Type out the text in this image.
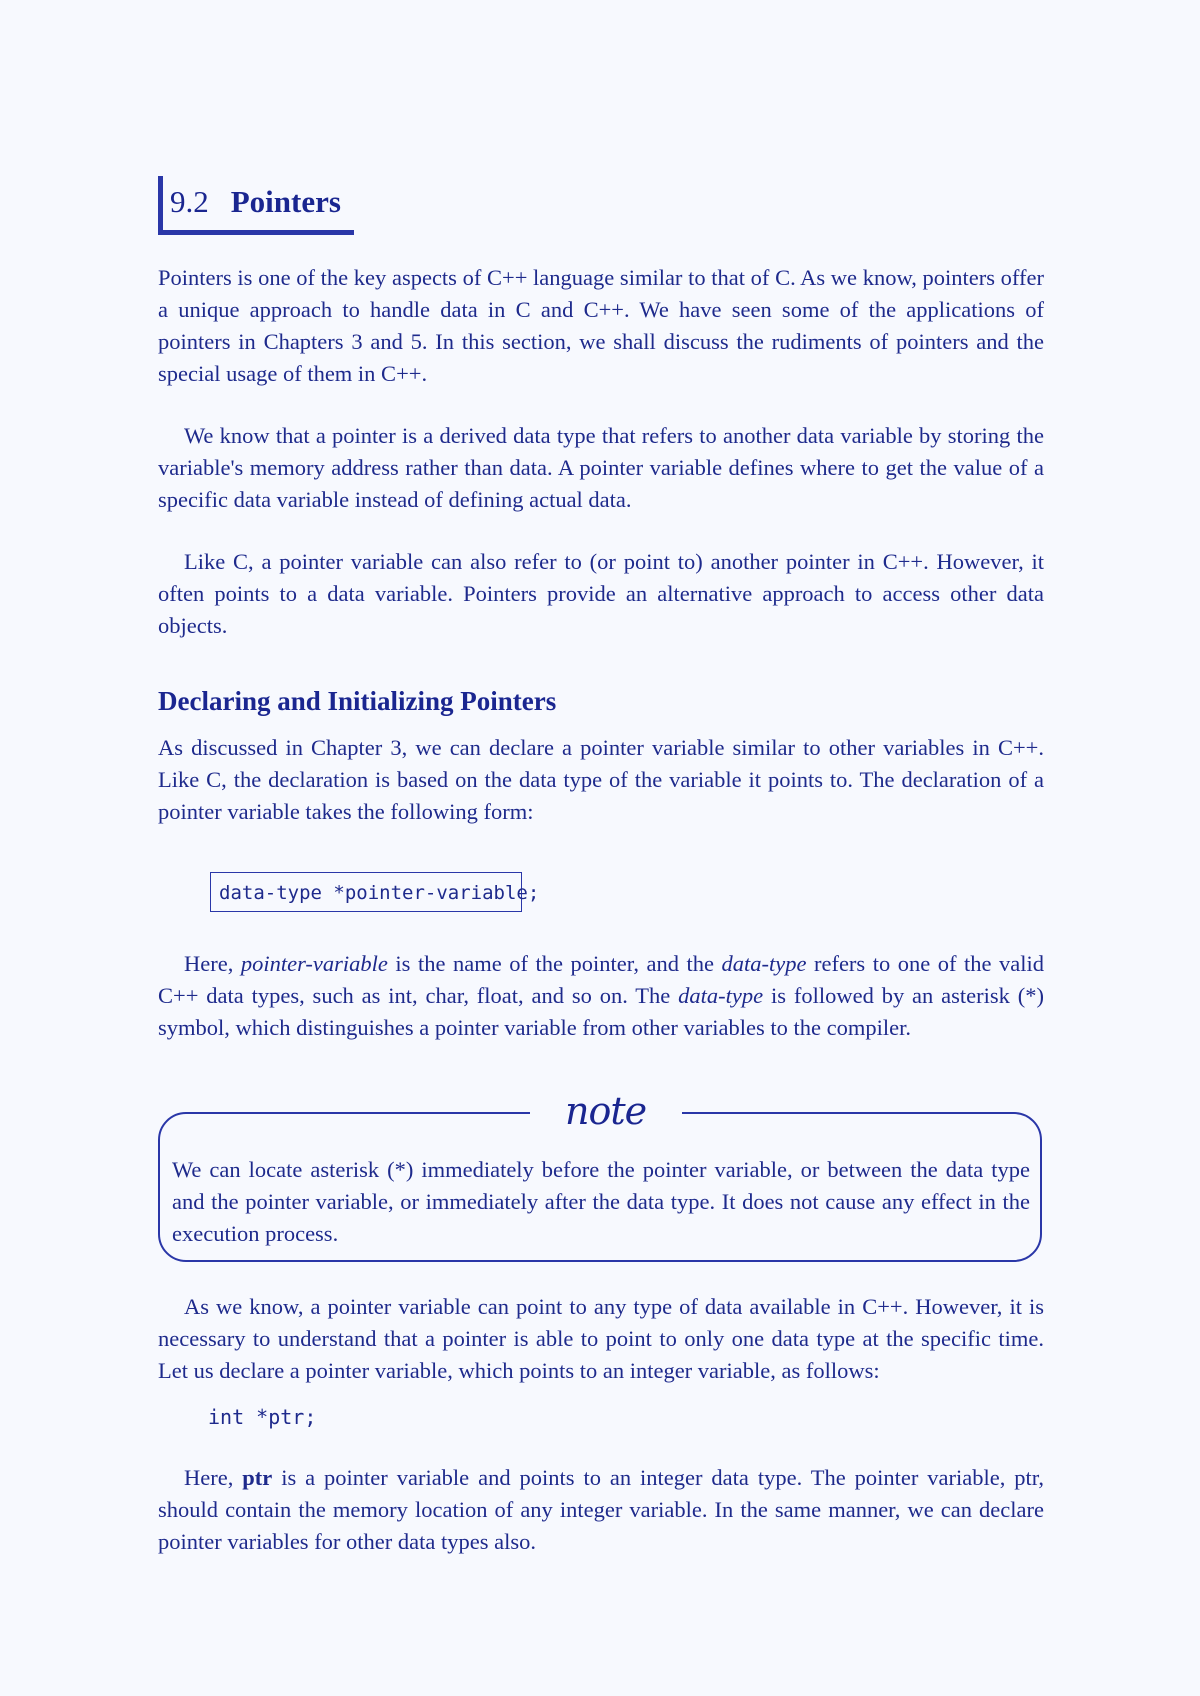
9.2 Pointers

Pointers is one of the key aspects of C++ language similar to that of C. As we know, pointers offer a unique approach to handle data in C and C++. We have seen some of the applications of pointers in Chapters 3 and 5. In this section, we shall discuss the rudiments of pointers and the special usage of them in C++.

We know that a pointer is a derived data type that refers to another data variable by storing the variable's memory address rather than data. A pointer variable defines where to get the value of a specific data variable instead of defining actual data.

Like C, a pointer variable can also refer to (or point to) another pointer in C++. However, it often points to a data variable. Pointers provide an alternative approach to access other data objects.

Declaring and Initializing Pointers

As discussed in Chapter 3, we can declare a pointer variable similar to other variables in C++. Like C, the declaration is based on the data type of the variable it points to. The declaration of a pointer variable takes the following form:

data-type *pointer-variable;

Here, pointer-variable is the name of the pointer, and the data-type refers to one of the valid C++ data types, such as int, char, float, and so on. The data-type is followed by an asterisk (*) symbol, which distinguishes a pointer variable from other variables to the compiler.

note

We can locate asterisk (*) immediately before the pointer variable, or between the data type and the pointer variable, or immediately after the data type. It does not cause any effect in the execution process.

As we know, a pointer variable can point to any type of data available in C++. However, it is necessary to understand that a pointer is able to point to only one data type at the specific time. Let us declare a pointer variable, which points to an integer variable, as follows:

int *ptr;

Here, ptr is a pointer variable and points to an integer data type. The pointer variable, ptr, should contain the memory location of any integer variable. In the same manner, we can declare pointer variables for other data types also.
